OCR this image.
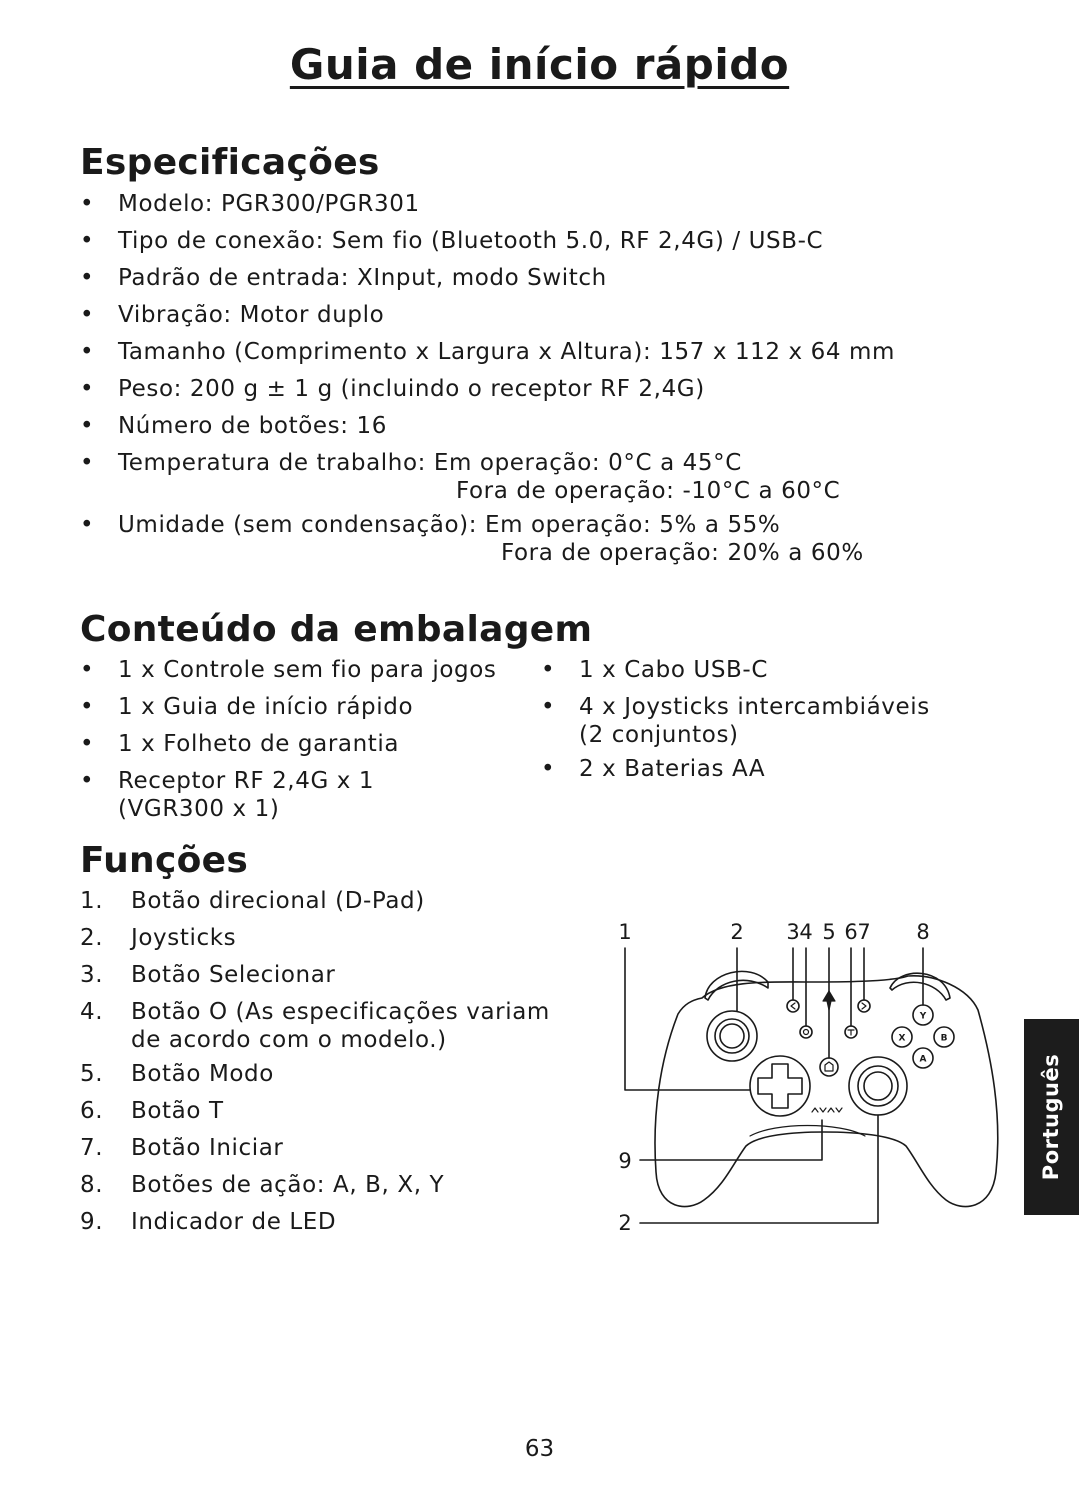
Guia de início rápido
Especificações
• Modelo: PGR300/PGR301
• Tipo de conexão: Sem fio (Bluetooth 5.0, RF 2,4G) / USB-C
• Padrão de entrada: XInput, modo Switch
• Vibração: Motor duplo
• Tamanho (Comprimento x Largura x Altura): 157 x 112 x 64 mm
• Peso: 200 g ± 1 g (incluindo o receptor RF 2,4G)
• Número de botões: 16
• Temperatura de trabalho: Em operação: 0°C a 45°C
Fora de operação: -10°C a 60°C
• Umidade (sem condensação): Em operação: 5% a 55%
Fora de operação: 20% a 60%
Conteúdo da embalagem
• 1 x Controle sem fio para jogos
• 1 x Guia de início rápido
• 1 x Folheto de garantia
• Receptor RF 2,4G x 1
(VGR300 x 1)
• 1 x Cabo USB-C
• 4 x Joysticks intercambiáveis
(2 conjuntos)
• 2 x Baterias AA
Funções
1. Botão direcional (D-Pad)
2. Joysticks
3. Botão Selecionar
4. Botão O (As especificações variam
de acordo com o modelo.)
5. Botão Modo
6. Botão T
7. Botão Iniciar
8. Botões de ação: A, B, X, Y
9. Indicador de LED
Y
X	B
A
1	2 3 4 5 6 7 8
9
2
Português
63
